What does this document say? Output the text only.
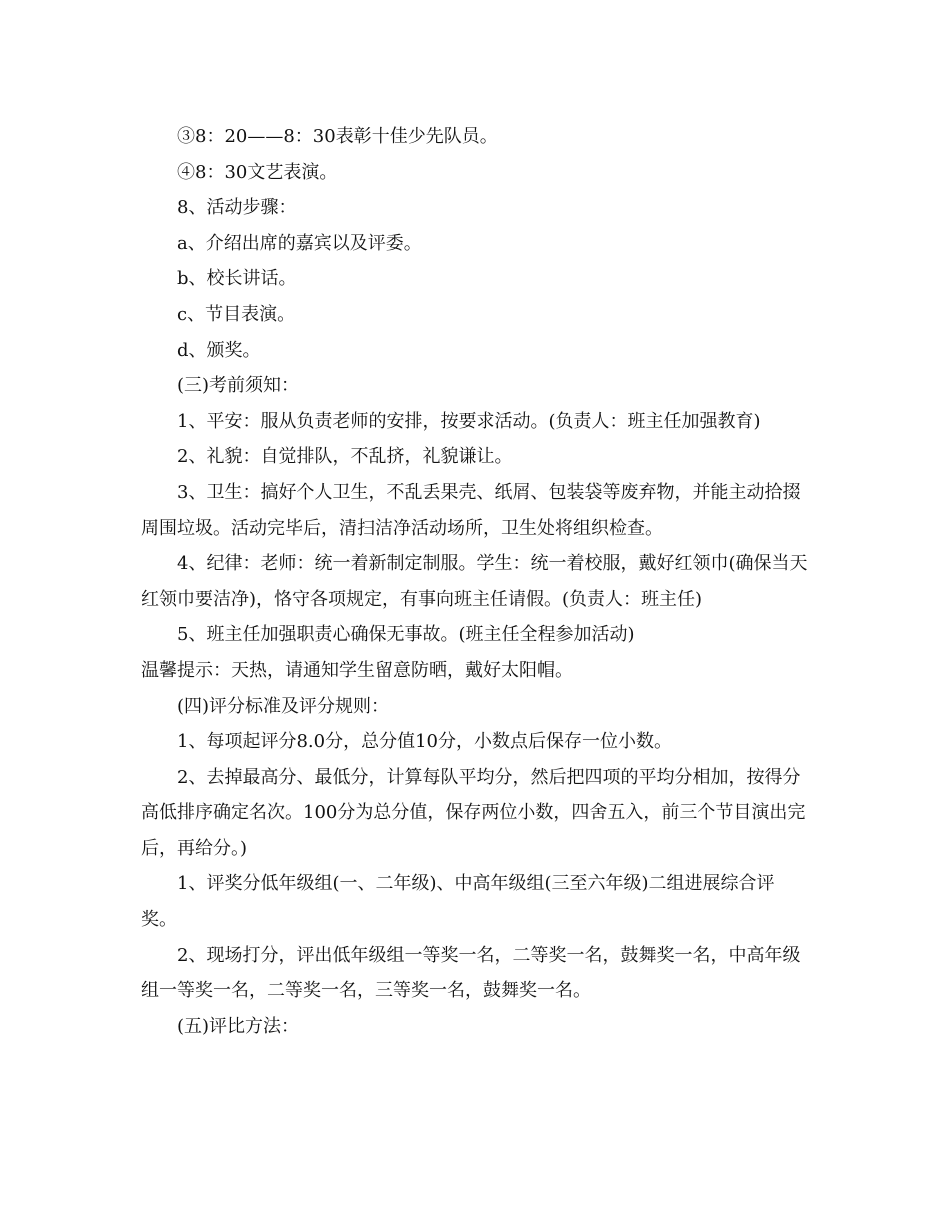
③8：20——8：30表彰十佳少先队员。

④8：30文艺表演。

8、活动步骤：

a、介绍出席的嘉宾以及评委。

b、校长讲话。

c、节目表演。

d、颁奖。

(三)考前须知：

1、平安：服从负责老师的安排，按要求活动。(负责人：班主任加强教育)

2、礼貌：自觉排队，不乱挤，礼貌谦让。

3、卫生：搞好个人卫生，不乱丢果壳、纸屑、包装袋等废弃物，并能主动拾掇周围垃圾。活动完毕后，清扫洁净活动场所，卫生处将组织检查。

4、纪律：老师：统一着新制定制服。学生：统一着校服，戴好红领巾(确保当天红领巾要洁净)，恪守各项规定，有事向班主任请假。(负责人：班主任)

5、班主任加强职责心确保无事故。(班主任全程参加活动)

温馨提示：天热，请通知学生留意防晒，戴好太阳帽。

(四)评分标准及评分规则：

1、每项起评分8.0分，总分值10分，小数点后保存一位小数。

2、去掉最高分、最低分，计算每队平均分，然后把四项的平均分相加，按得分高低排序确定名次。100分为总分值，保存两位小数，四舍五入，前三个节目演出完后，再给分。)

1、评奖分低年级组(一、二年级)、中高年级组(三至六年级)二组进展综合评奖。

2、现场打分，评出低年级组一等奖一名，二等奖一名，鼓舞奖一名，中高年级组一等奖一名，二等奖一名，三等奖一名，鼓舞奖一名。

(五)评比方法：
